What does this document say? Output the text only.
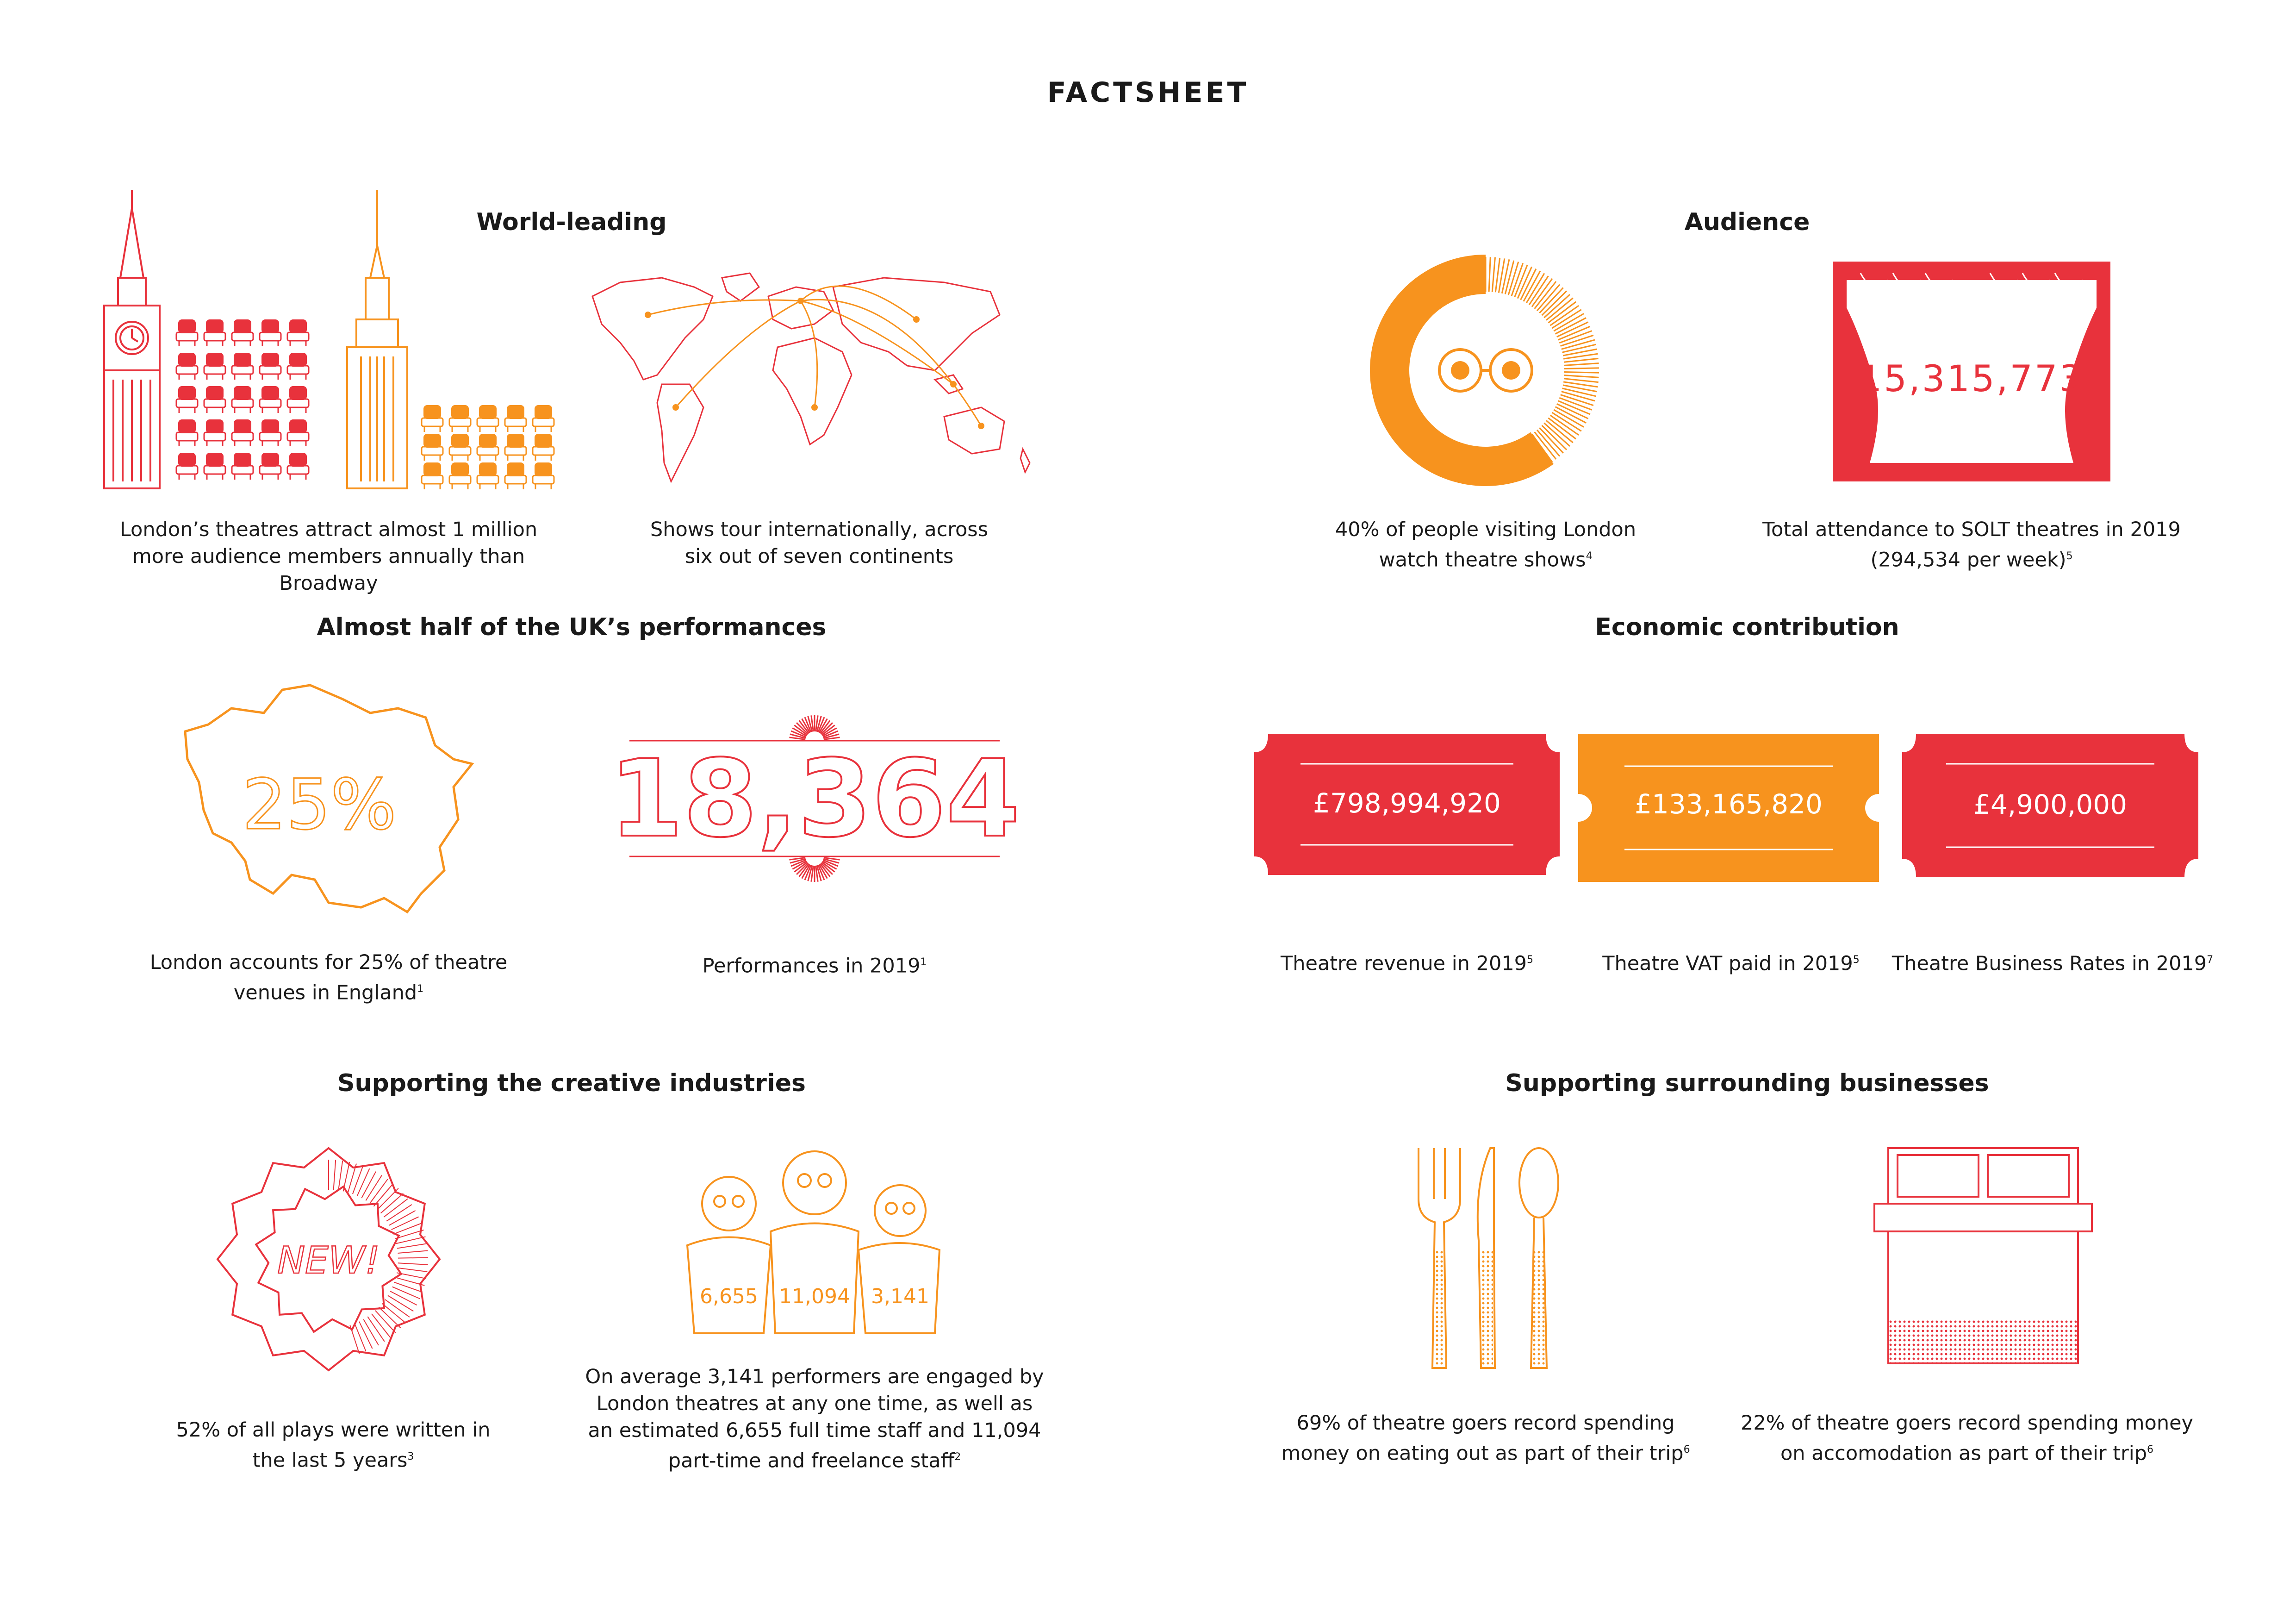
FACTSHEET
World-leading
London’s theatres attract almost 1 million more audience members annually than Broadway
Shows tour internationally, across six out of seven continents
Audience
15,315,773
40% of people visiting London watch theatre shows$^4$
Total attendance to SOLT theatres in 2019 (294,534 per week)$^5$
Almost half of the UK’s performances
25% 18,364
London accounts for 25% of theatre venues in England$^1$
Performances in 2019$^1$
Economic contribution
£798,994,920	£133,165,820	£4,900,000
Theatre revenue in 2019$^5$	Theatre VAT paid in 2019$^5$	Theatre Business Rates in 2019$^7$
Supporting the creative industries
NEW!
6,655 11,094 3,141
52% of all plays were written in the last 5 years$^3$
On average 3,141 performers are engaged by London theatres at any one time, as well as an estimated 6,655 full time staff and 11,094 part-time and freelance staff$^2$
Supporting surrounding businesses
69% of theatre goers record spending money on eating out as part of their trip$^6$
22% of theatre goers record spending money on accomodation as part of their trip$^6$
